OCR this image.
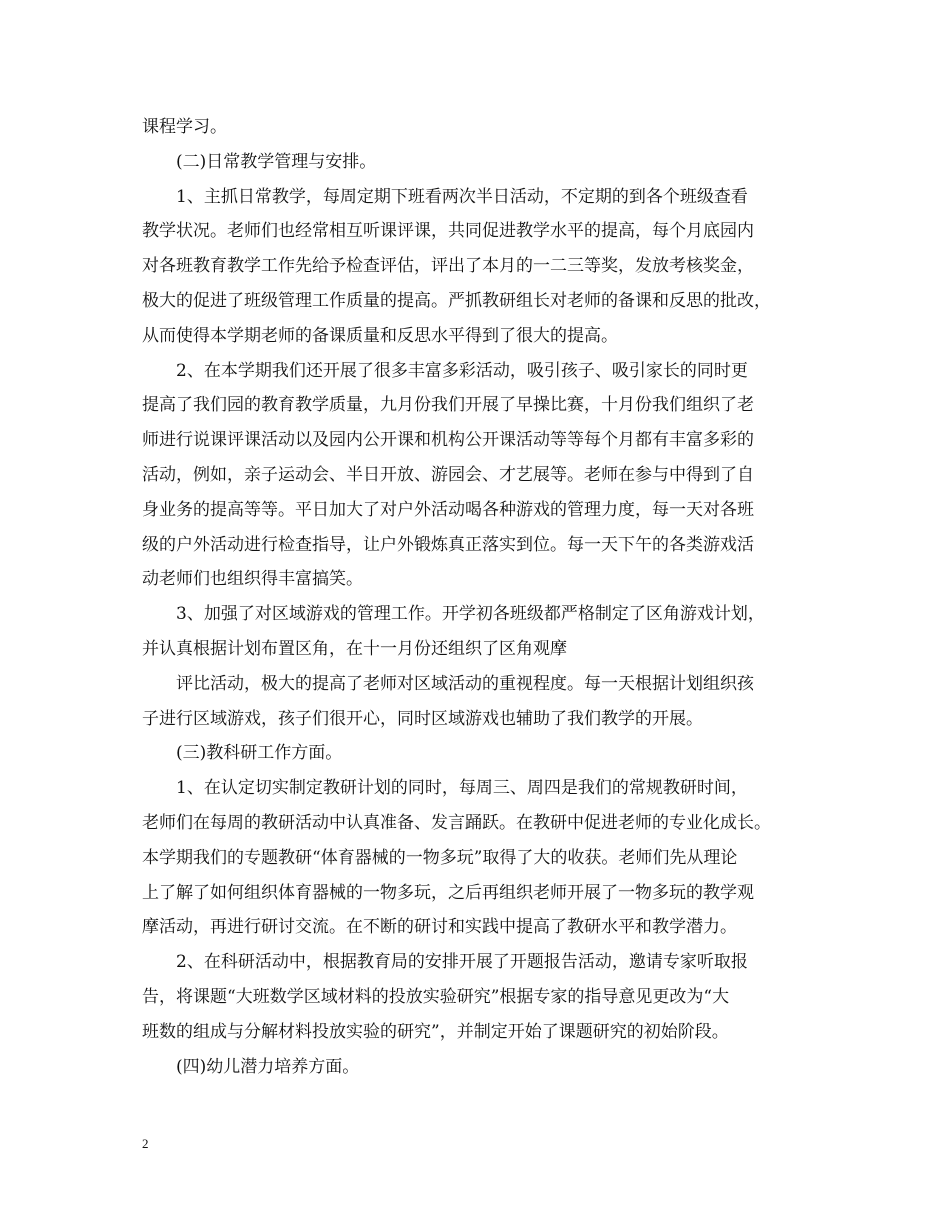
课程学习。
(二)日常教学管理与安排。
1、主抓日常教学，每周定期下班看两次半日活动，不定期的到各个班级查看
教学状况。老师们也经常相互听课评课，共同促进教学水平的提高，每个月底园内
对各班教育教学工作先给予检查评估，评出了本月的一二三等奖，发放考核奖金，
极大的促进了班级管理工作质量的提高。严抓教研组长对老师的备课和反思的批改，
从而使得本学期老师的备课质量和反思水平得到了很大的提高。
2、在本学期我们还开展了很多丰富多彩活动，吸引孩子、吸引家长的同时更
提高了我们园的教育教学质量，九月份我们开展了早操比赛，十月份我们组织了老
师进行说课评课活动以及园内公开课和机构公开课活动等等每个月都有丰富多彩的
活动，例如，亲子运动会、半日开放、游园会、才艺展等。老师在参与中得到了自
身业务的提高等等。平日加大了对户外活动喝各种游戏的管理力度，每一天对各班
级的户外活动进行检查指导，让户外锻炼真正落实到位。每一天下午的各类游戏活
动老师们也组织得丰富搞笑。
3、加强了对区域游戏的管理工作。开学初各班级都严格制定了区角游戏计划，
并认真根据计划布置区角，在十一月份还组织了区角观摩
评比活动，极大的提高了老师对区域活动的重视程度。每一天根据计划组织孩
子进行区域游戏，孩子们很开心，同时区域游戏也辅助了我们教学的开展。
(三)教科研工作方面。
1、在认定切实制定教研计划的同时，每周三、周四是我们的常规教研时间，
老师们在每周的教研活动中认真准备、发言踊跃。在教研中促进老师的专业化成长。
本学期我们的专题教研“体育器械的一物多玩”取得了大的收获。老师们先从理论
上了解了如何组织体育器械的一物多玩，之后再组织老师开展了一物多玩的教学观
摩活动，再进行研讨交流。在不断的研讨和实践中提高了教研水平和教学潜力。
2、在科研活动中，根据教育局的安排开展了开题报告活动，邀请专家听取报
告，将课题“大班数学区域材料的投放实验研究”根据专家的指导意见更改为“大
班数的组成与分解材料投放实验的研究”，并制定开始了课题研究的初始阶段。
(四)幼儿潜力培养方面。
2
